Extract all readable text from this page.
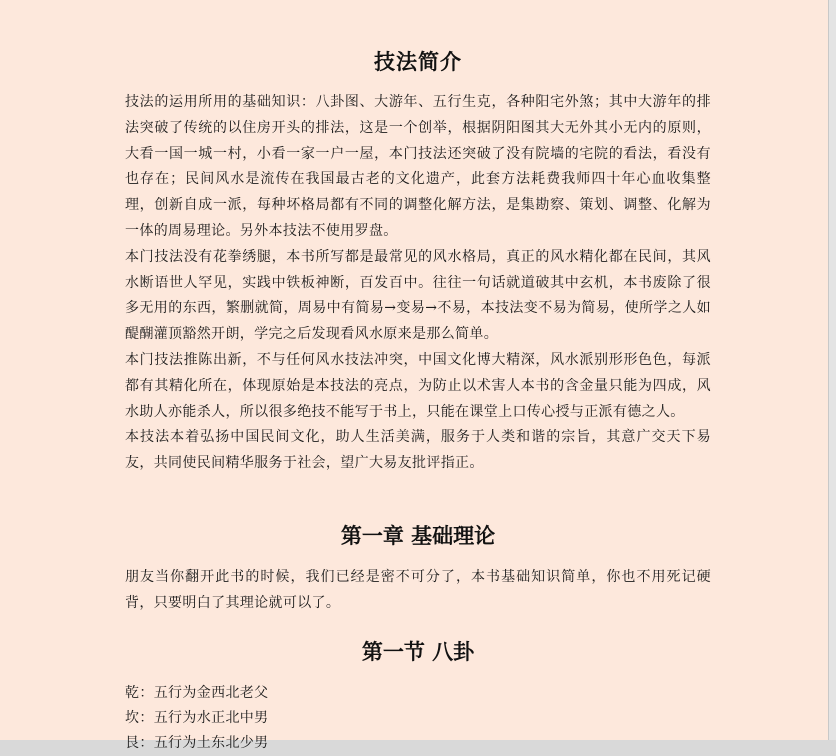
技法简介

技法的运用所用的基础知识：八卦图、大游年、五行生克，各种阳宅外煞；其中大游年的排法突破了传统的以住房开头的排法，这是一个创举，根据阴阳图其大无外其小无内的原则，大看一国一城一村，小看一家一户一屋，本门技法还突破了没有院墙的宅院的看法，看没有也存在；民间风水是流传在我国最古老的文化遗产，此套方法耗费我师四十年心血收集整理，创新自成一派，每种坏格局都有不同的调整化解方法，是集勘察、策划、调整、化解为一体的周易理论。另外本技法不使用罗盘。

本门技法没有花拳绣腿，本书所写都是最常见的风水格局，真正的风水精化都在民间，其风水断语世人罕见，实践中铁板神断，百发百中。往往一句话就道破其中玄机，本书废除了很多无用的东西，繁删就简，周易中有简易→变易→不易，本技法变不易为简易，使所学之人如醍醐灌顶豁然开朗，学完之后发现看风水原来是那么简单。

本门技法推陈出新，不与任何风水技法冲突，中国文化博大精深，风水派别形形色色，每派都有其精化所在，体现原始是本技法的亮点，为防止以术害人本书的含金量只能为四成，风水助人亦能杀人，所以很多绝技不能写于书上，只能在课堂上口传心授与正派有德之人。

本技法本着弘扬中国民间文化，助人生活美满，服务于人类和谐的宗旨，其意广交天下易友，共同使民间精华服务于社会，望广大易友批评指正。

第一章 基础理论

朋友当你翻开此书的时候，我们已经是密不可分了，本书基础知识简单，你也不用死记硬背，只要明白了其理论就可以了。

第一节 八卦
乾：五行为金西北老父
坎：五行为水正北中男
艮：五行为土东北少男
